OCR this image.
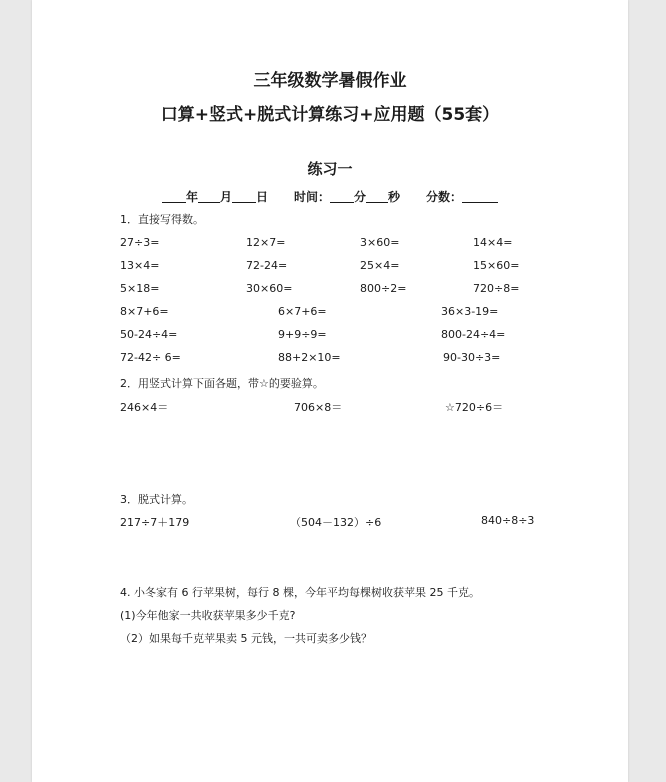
三年级数学暑假作业
口算+竖式+脱式计算练习+应用题（55套）
练习一
年 月 日 时间： 分 秒 分数：
1．直接写得数。
27÷3=	12×7=	3×60=	14×4=
13×4=	72-24=	25×4=	15×60=
5×18=	30×60=	800÷2=	720÷8=
8×7+6=	6×7+6=	36×3-19=
50-24÷4=	9+9÷9=	800-24÷4=
72-42÷ 6=	88+2×10=	90-30÷3=
2．用竖式计算下面各题，带☆的要验算。
246×4＝	706×8＝	☆720÷6＝
3．脱式计算。
217÷7＋179	（504－132）÷6	840÷8÷3
4. 小冬家有 6 行苹果树，每行 8 棵，今年平均每棵树收获苹果 25 千克。
(1)今年他家一共收获苹果多少千克?
（2）如果每千克苹果卖 5 元钱，一共可卖多少钱？
